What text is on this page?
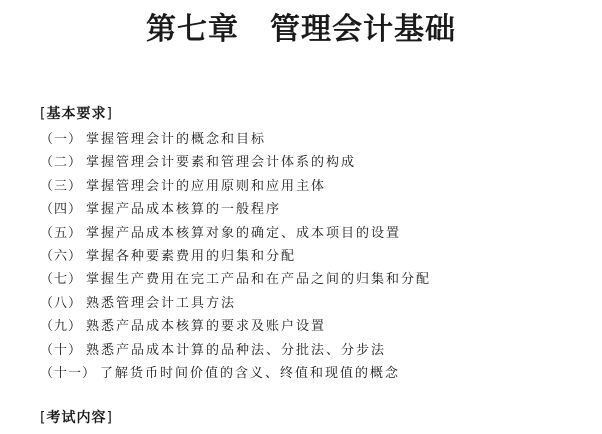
第七章　管理会计基础
[基本要求]
（一） 掌握管理会计的概念和目标
（二） 掌握管理会计要素和管理会计体系的构成
（三） 掌握管理会计的应用原则和应用主体
（四） 掌握产品成本核算的一般程序
（五） 掌握产品成本核算对象的确定、成本项目的设置
（六） 掌握各种要素费用的归集和分配
（七） 掌握生产费用在完工产品和在产品之间的归集和分配
（八） 熟悉管理会计工具方法
（九） 熟悉产品成本核算的要求及账户设置
（十） 熟悉产品成本计算的品种法、分批法、分步法
（十一） 了解货币时间价值的含义、终值和现值的概念
[考试内容]
